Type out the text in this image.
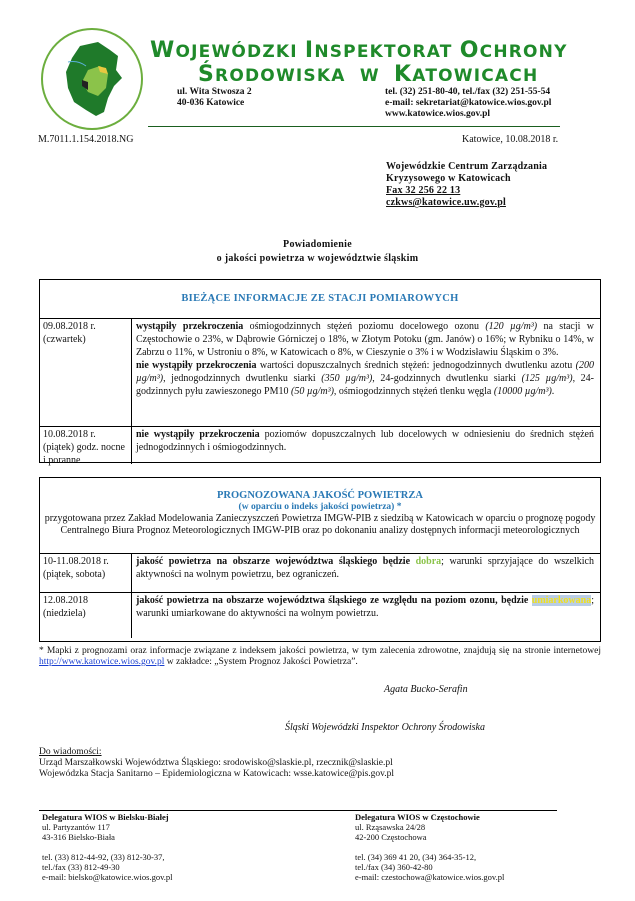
WOJEWÓDZKI INSPEKTORAT OCHRONY
ŚRODOWISKA  W KATOWICACH
ul. Wita Stwosza 2
40-036 Katowice
tel. (32) 251-80-40, tel./fax (32) 251-55-54
e-mail: sekretariat@katowice.wios.gov.pl
www.katowice.wios.gov.pl
M.7011.1.154.2018.NG	Katowice, 10.08.2018 r.
Wojewódzkie Centrum Zarządzania
Kryzysowego w Katowicach
Fax 32 256 22 13
czkws@katowice.uw.gov.pl
Powiadomienie
o jakości powietrza w województwie śląskim
BIEŻĄCE INFORMACJE ZE STACJI POMIAROWYCH
09.08.2018 r. (czwartek)
wystąpiły przekroczenia ośmiogodzinnych stężeń poziomu docelowego ozonu (120 µg/m³) na stacji w Częstochowie o 23%, w Dąbrowie Górniczej o 18%, w Złotym Potoku (gm. Janów) o 16%; w Rybniku o 14%, w Zabrzu o 11%, w Ustroniu o 8%, w Katowicach o 8%, w Cieszynie o 3% i w Wodzisławiu Śląskim o 3%.
nie wystąpiły przekroczenia wartości dopuszczalnych średnich stężeń: jednogodzinnych dwutlenku azotu (200 µg/m³), jednogodzinnych dwutlenku siarki (350 µg/m³), 24-godzinnych dwutlenku siarki (125 µg/m³), 24-godzinnych pyłu zawieszonego PM10 (50 µg/m³), ośmiogodzinnych stężeń tlenku węgla (10000 µg/m³).
10.08.2018 r. (piątek) godz. nocne i poranne
nie wystąpiły przekroczenia poziomów dopuszczalnych lub docelowych w odniesieniu do średnich stężeń jednogodzinnych i ośmiogodzinnych.
PROGNOZOWANA JAKOŚĆ POWIETRZA
(w oparciu o indeks jakości powietrza) *
przygotowana przez Zakład Modelowania Zanieczyszczeń Powietrza IMGW-PIB z siedzibą w Katowicach w oparciu o prognozę pogody Centralnego Biura Prognoz Meteorologicznych IMGW-PIB oraz po dokonaniu analizy dostępnych informacji meteorologicznych
10-11.08.2018 r. (piątek, sobota)
jakość powietrza na obszarze województwa śląskiego będzie dobra; warunki sprzyjające do wszelkich aktywności na wolnym powietrzu, bez ograniczeń.
12.08.2018 (niedziela)
jakość powietrza na obszarze województwa śląskiego ze względu na poziom ozonu, będzie umiarkowana; warunki umiarkowane do aktywności na wolnym powietrzu.
* Mapki z prognozami oraz informacje związane z indeksem jakości powietrza, w tym zalecenia zdrowotne, znajdują się na stronie internetowej http://www.katowice.wios.gov.pl w zakładce: „System Prognoz Jakości Powietrza”.
Agata Bucko-Serafin
Śląski Wojewódzki Inspektor Ochrony Środowiska
Do wiadomości:
Urząd Marszałkowski Województwa Śląskiego: srodowisko@slaskie.pl, rzecznik@slaskie.pl
Wojewódzka Stacja Sanitarno – Epidemiologiczna w Katowicach: wsse.katowice@pis.gov.pl
Delegatura WIOS w Bielsku-Białej
ul. Partyzantów 117
43-316 Bielsko-Biała
tel. (33) 812-44-92, (33) 812-30-37,
tel./fax (33) 812-49-30
e-mail: bielsko@katowice.wios.gov.pl
Delegatura WIOS w Częstochowie
ul. Rząsawska 24/28
42-200 Częstochowa
tel. (34) 369 41 20, (34) 364-35-12,
tel./fax (34) 360-42-80
e-mail: czestochowa@katowice.wios.gov.pl
